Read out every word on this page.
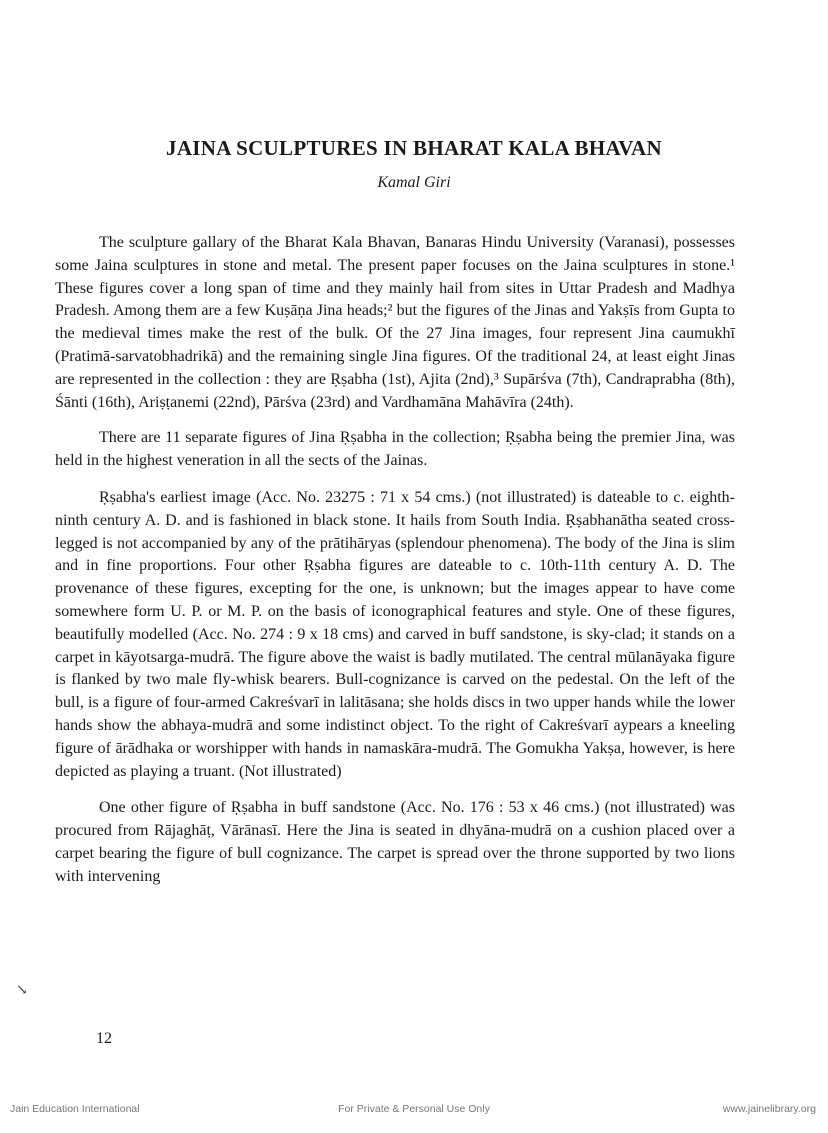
JAINA SCULPTURES IN BHARAT KALA BHAVAN
Kamal Giri

The sculpture gallary of the Bharat Kala Bhavan, Banaras Hindu University (Varanasi), possesses some Jaina sculptures in stone and metal. The present paper focuses on the Jaina sculptures in stone.¹ These figures cover a long span of time and they mainly hail from sites in Uttar Pradesh and Madhya Pradesh. Among them are a few Kuṣāṇa Jina heads;² but the figures of the Jinas and Yakṣīs from Gupta to the medieval times make the rest of the bulk. Of the 27 Jina images, four represent Jina caumukhī (Pratimā-sarvatobhadrikā) and the remaining single Jina figures. Of the traditional 24, at least eight Jinas are represented in the collection : they are Ṛṣabha (1st), Ajita (2nd),³ Supārśva (7th), Candraprabha (8th), Śānti (16th), Ariṣṭanemi (22nd), Pārśva (23rd) and Vardhamāna Mahāvīra (24th).

There are 11 separate figures of Jina Ṛṣabha in the collection; Ṛṣabha being the premier Jina, was held in the highest veneration in all the sects of the Jainas.

Ṛṣabha's earliest image (Acc. No. 23275 : 71 x 54 cms.) (not illustrated) is dateable to c. eighth-ninth century A. D. and is fashioned in black stone. It hails from South India. Ṛṣabhanātha seated cross-legged is not accompanied by any of the prātihāryas (splendour phenomena). The body of the Jina is slim and in fine proportions. Four other Ṛṣabha figures are dateable to c. 10th-11th century A. D. The provenance of these figures, excepting for the one, is unknown; but the images appear to have come somewhere form U. P. or M. P. on the basis of iconographical features and style. One of these figures, beautifully modelled (Acc. No. 274 : 9 x 18 cms) and carved in buff sandstone, is sky-clad; it stands on a carpet in kāyotsarga-mudrā. The figure above the waist is badly mutilated. The central mūlanāyaka figure is flanked by two male fly-whisk bearers. Bull-cognizance is carved on the pedestal. On the left of the bull, is a figure of four-armed Cakreśvarī in lalitāsana; she holds discs in two upper hands while the lower hands show the abhaya-mudrā and some indistinct object. To the right of Cakreśvarī aypears a kneeling figure of ārādhaka or worshipper with hands in namaskāra-mudrā. The Gomukha Yakṣa, however, is here depicted as playing a truant. (Not illustrated)

One other figure of Ṛṣabha in buff sandstone (Acc. No. 176 : 53 x 46 cms.) (not illustrated) was procured from Rājaghāṭ, Vārānasī. Here the Jina is seated in dhyāna-mudrā on a cushion placed over a carpet bearing the figure of bull cognizance. The carpet is spread over the throne supported by two lions with intervening

↘
12
Jain Education International	For Private & Personal Use Only	www.jainelibrary.org
